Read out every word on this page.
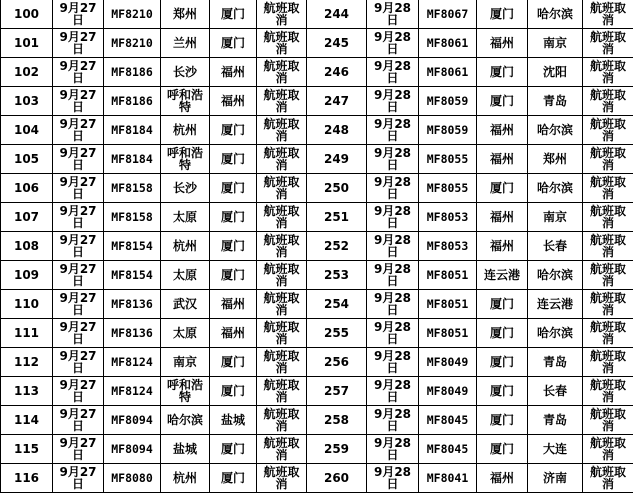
100	9月27日	MF8210	郑州	厦门	航班取消	244	9月28日	MF8067	厦门	哈尔滨	航班取消
101	9月27日	MF8210	兰州	厦门	航班取消	245	9月28日	MF8061	福州	南京	航班取消
102	9月27日	MF8186	长沙	福州	航班取消	246	9月28日	MF8061	厦门	沈阳	航班取消
103	9月27日	MF8186	呼和浩特	福州	航班取消	247	9月28日	MF8059	厦门	青岛	航班取消
104	9月27日	MF8184	杭州	厦门	航班取消	248	9月28日	MF8059	福州	哈尔滨	航班取消
105	9月27日	MF8184	呼和浩特	厦门	航班取消	249	9月28日	MF8055	福州	郑州	航班取消
106	9月27日	MF8158	长沙	厦门	航班取消	250	9月28日	MF8055	厦门	哈尔滨	航班取消
107	9月27日	MF8158	太原	厦门	航班取消	251	9月28日	MF8053	福州	南京	航班取消
108	9月27日	MF8154	杭州	厦门	航班取消	252	9月28日	MF8053	福州	长春	航班取消
109	9月27日	MF8154	太原	厦门	航班取消	253	9月28日	MF8051	连云港	哈尔滨	航班取消
110	9月27日	MF8136	武汉	福州	航班取消	254	9月28日	MF8051	厦门	连云港	航班取消
111	9月27日	MF8136	太原	福州	航班取消	255	9月28日	MF8051	厦门	哈尔滨	航班取消
112	9月27日	MF8124	南京	厦门	航班取消	256	9月28日	MF8049	厦门	青岛	航班取消
113	9月27日	MF8124	呼和浩特	厦门	航班取消	257	9月28日	MF8049	厦门	长春	航班取消
114	9月27日	MF8094	哈尔滨	盐城	航班取消	258	9月28日	MF8045	厦门	青岛	航班取消
115	9月27日	MF8094	盐城	厦门	航班取消	259	9月28日	MF8045	厦门	大连	航班取消
116	9月27日	MF8080	杭州	厦门	航班取消	260	9月28日	MF8041	福州	济南	航班取消
